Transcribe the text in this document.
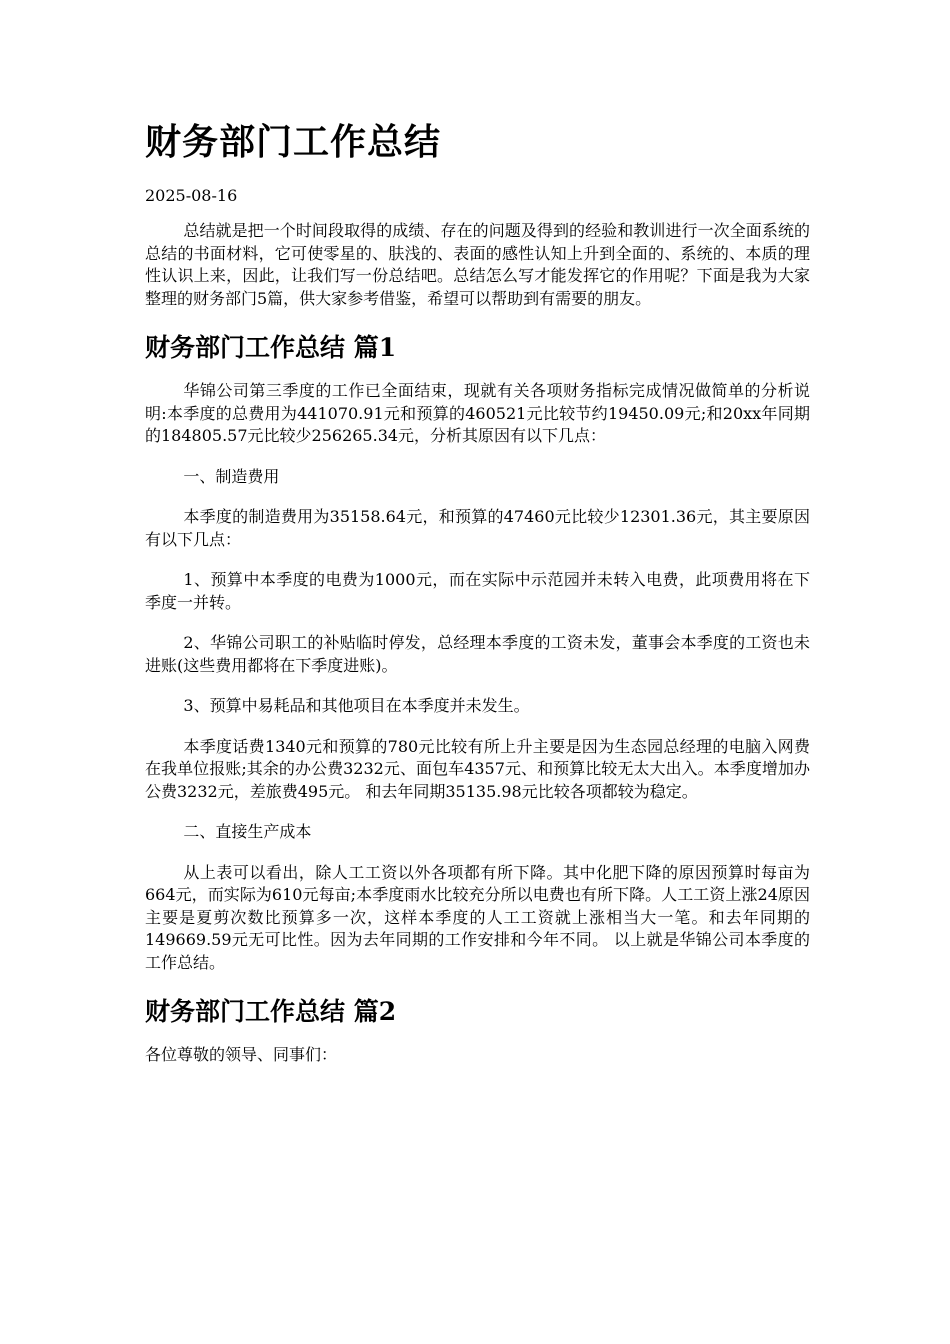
财务部门工作总结
2025-08-16

总结就是把一个时间段取得的成绩、存在的问题及得到的经验和教训进行一次全面系统的总结的书面材料，它可使零星的、肤浅的、表面的感性认知上升到全面的、系统的、本质的理性认识上来，因此，让我们写一份总结吧。总结怎么写才能发挥它的作用呢？下面是我为大家整理的财务部门5篇，供大家参考借鉴，希望可以帮助到有需要的朋友。

财务部门工作总结 篇1

华锦公司第三季度的工作已全面结束，现就有关各项财务指标完成情况做简单的分析说明:本季度的总费用为441070.91元和预算的460521元比较节约19450.09元;和20xx年同期的184805.57元比较少256265.34元，分析其原因有以下几点：

一、制造费用

本季度的制造费用为35158.64元，和预算的47460元比较少12301.36元，其主要原因有以下几点：

1、预算中本季度的电费为1000元，而在实际中示范园并未转入电费，此项费用将在下季度一并转。

2、华锦公司职工的补贴临时停发，总经理本季度的工资未发，董事会本季度的工资也未进账(这些费用都将在下季度进账)。

3、预算中易耗品和其他项目在本季度并未发生。

本季度话费1340元和预算的780元比较有所上升主要是因为生态园总经理的电脑入网费在我单位报账;其余的办公费3232元、面包车4357元、和预算比较无太大出入。本季度增加办公费3232元，差旅费495元。 和去年同期35135.98元比较各项都较为稳定。

二、直接生产成本

从上表可以看出，除人工工资以外各项都有所下降。其中化肥下降的原因预算时每亩为664元，而实际为610元每亩;本季度雨水比较充分所以电费也有所下降。人工工资上涨24原因主要是夏剪次数比预算多一次，这样本季度的人工工资就上涨相当大一笔。和去年同期的149669.59元无可比性。因为去年同期的工作安排和今年不同。 以上就是华锦公司本季度的工作总结。

财务部门工作总结 篇2

各位尊敬的领导、同事们：
